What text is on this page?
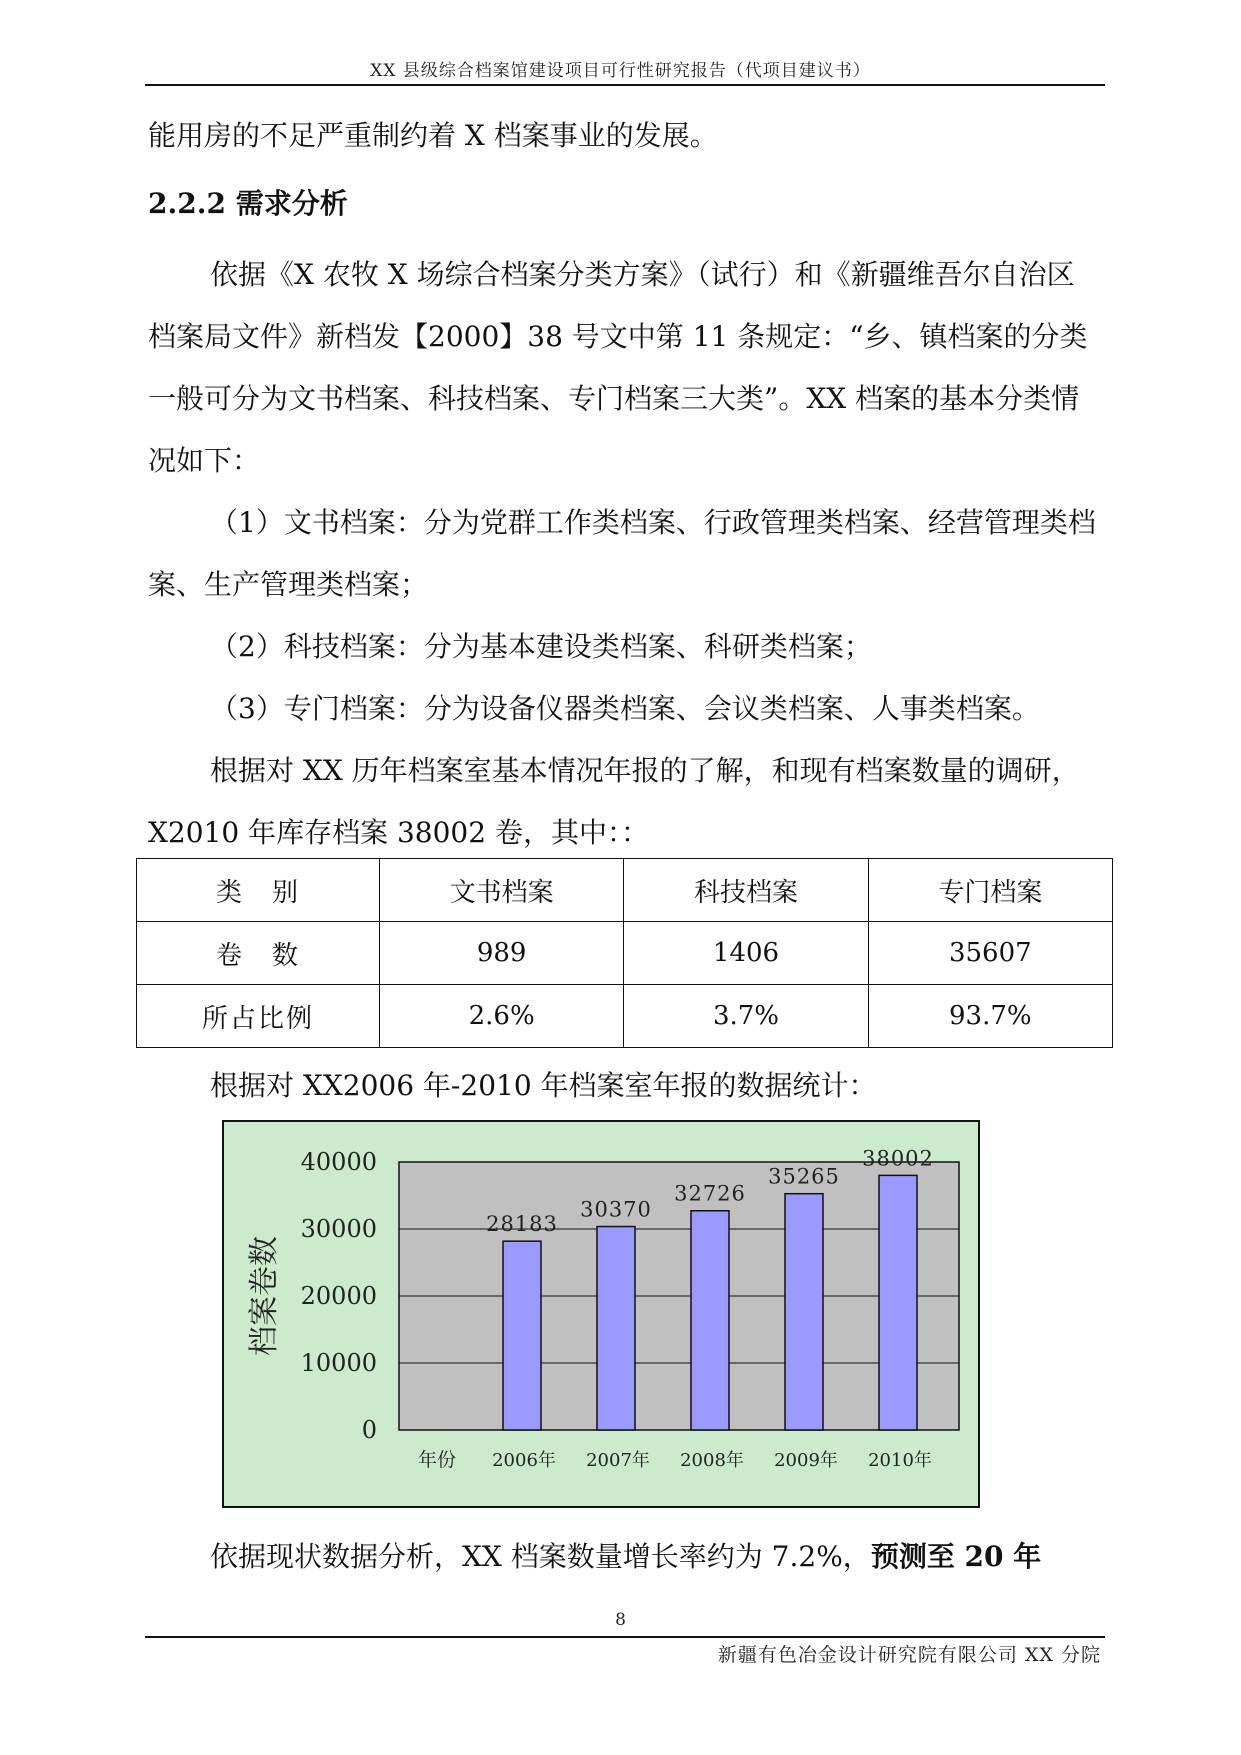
XX 县级综合档案馆建设项目可行性研究报告（代项目建议书）

能用房的不足严重制约着 X 档案事业的发展。

2.2.2 需求分析

依据《X 农牧 X 场综合档案分类方案》（试行）和《新疆维吾尔自治区档案局文件》新档发【2000】38 号文中第 11 条规定：“乡、镇档案的分类一般可分为文书档案、科技档案、专门档案三大类”。XX 档案的基本分类情况如下：

（1）文书档案：分为党群工作类档案、行政管理类档案、经营管理类档案、生产管理类档案；

（2）科技档案：分为基本建设类档案、科研类档案；

（3）专门档案：分为设备仪器类档案、会议类档案、人事类档案。

根据对 XX 历年档案室基本情况年报的了解，和现有档案数量的调研，X2010 年库存档案 38002 卷，其中：：

类　别	文书档案	科技档案	专门档案
卷　数	989	1406	35607
所占比例	2.6%	3.7%	93.7%

根据对 XX2006 年-2010 年档案室年报的数据统计：

0
10000
20000
30000
40000
档案卷数
年份
28183
2006年
30370
2007年
32726
2008年
35265
2009年
38002
2010年

依据现状数据分析，XX 档案数量增长率约为 7.2%，预测至 20 年

8
新疆有色冶金设计研究院有限公司 XX 分院
